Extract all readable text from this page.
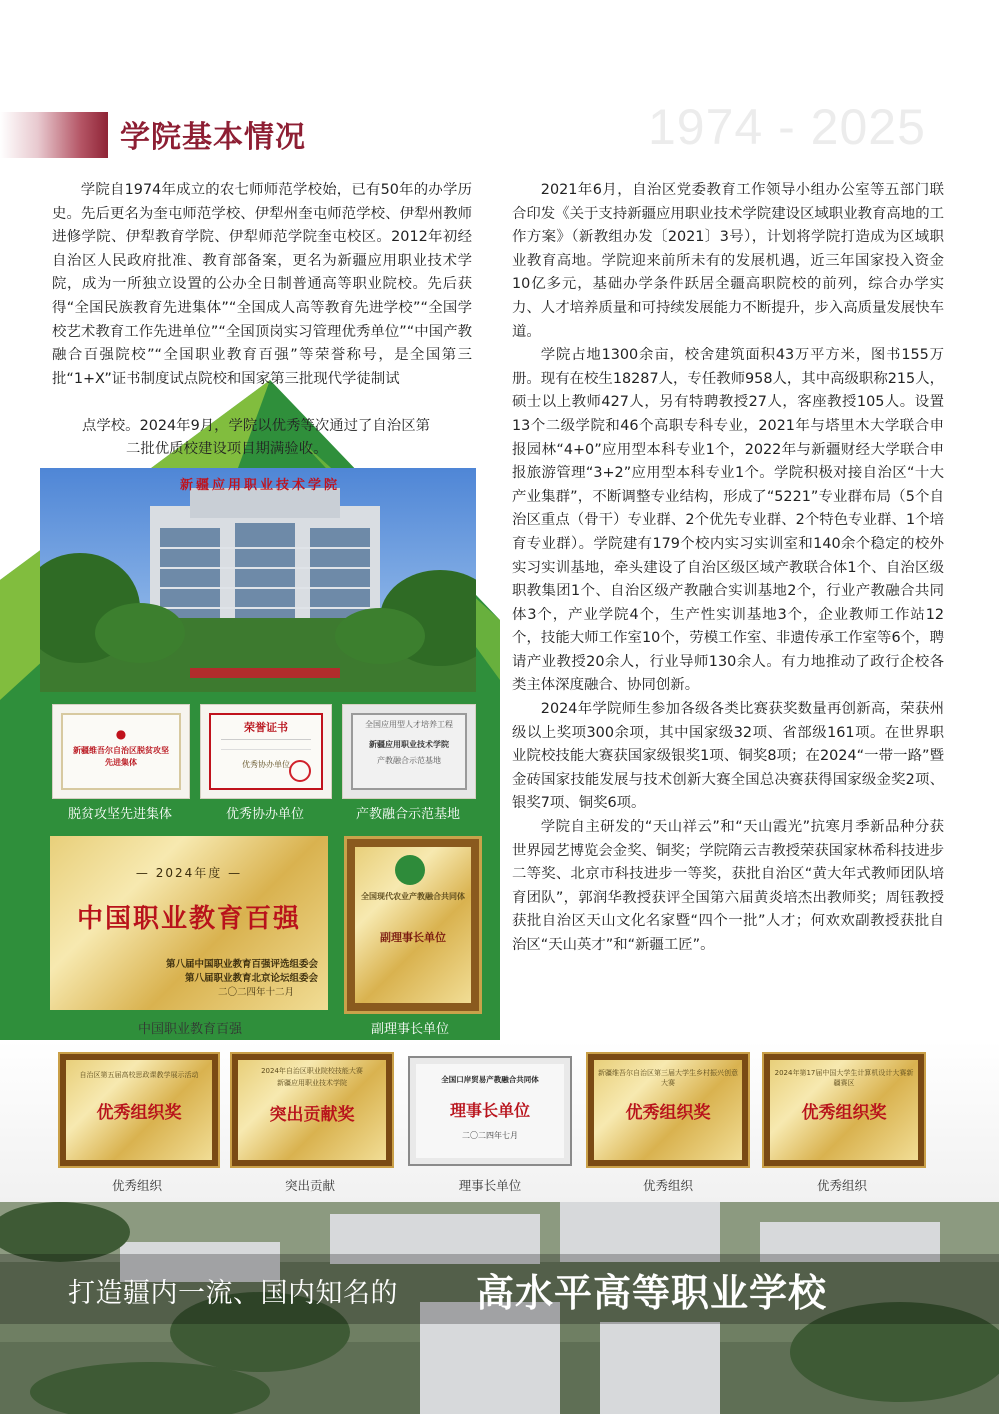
学院基本情况	1974 - 2025

学院自1974年成立的农七师师范学校始，已有50年的办学历史。先后更名为奎屯师范学校、伊犁州奎屯师范学校、伊犁州教师进修学院、伊犁教育学院、伊犁师范学院奎屯校区。2012年初经自治区人民政府批准、教育部备案，更名为新疆应用职业技术学院，成为一所独立设置的公办全日制普通高等职业院校。先后获得“全国民族教育先进集体”“全国成人高等教育先进学校”“全国学校艺术教育工作先进单位”“全国顶岗实习管理优秀单位”“中国产教融合百强院校”“全国职业教育百强”等荣誉称号，是全国第三批“1+X”证书制度试点院校和国家第三批现代学徒制试

点学校。2024年9月，学院以优秀等次通过了自治区第
二批优质校建设项目期满验收。

2021年6月，自治区党委教育工作领导小组办公室等五部门联合印发《关于支持新疆应用职业技术学院建设区域职业教育高地的工作方案》（新教组办发〔2021〕3号），计划将学院打造成为区域职业教育高地。学院迎来前所未有的发展机遇，近三年国家投入资金10亿多元，基础办学条件跃居全疆高职院校的前列，综合办学实力、人才培养质量和可持续发展能力不断提升，步入高质量发展快车道。

学院占地1300余亩，校舍建筑面积43万平方米，图书155万册。现有在校生18287人，专任教师958人，其中高级职称215人，硕士以上教师427人，另有特聘教授27人，客座教授105人。设置13个二级学院和46个高职专科专业，2021年与塔里木大学联合申报园林“4+0”应用型本科专业1个，2022年与新疆财经大学联合申报旅游管理“3+2”应用型本科专业1个。学院积极对接自治区“十大产业集群”，不断调整专业结构，形成了“5221”专业群布局（5个自治区重点（骨干）专业群、2个优先专业群、2个特色专业群、1个培育专业群）。学院建有179个校内实习实训室和140余个稳定的校外实习实训基地，牵头建设了自治区级区域产教联合体1个、自治区级职教集团1个、自治区级产教融合实训基地2个，行业产教融合共同体3个，产业学院4个，生产性实训基地3个，企业教师工作站12个，技能大师工作室10个，劳模工作室、非遗传承工作室等6个，聘请产业教授20余人，行业导师130余人。有力地推动了政行企校各类主体深度融合、协同创新。

2024年学院师生参加各级各类比赛获奖数量再创新高，荣获州级以上奖项300余项，其中国家级32项、省部级161项。在世界职业院校技能大赛获国家级银奖1项、铜奖8项；在2024“一带一路”暨金砖国家技能发展与技术创新大赛全国总决赛获得国家级金奖2项、银奖7项、铜奖6项。

学院自主研发的“天山祥云”和“天山霞光”抗寒月季新品种分获世界园艺博览会金奖、铜奖；学院隋云吉教授荣获国家林希科技进步二等奖、北京市科技进步一等奖，获批自治区“黄大年式教师团队培育团队”，郭润华教授获评全国第六届黄炎培杰出教师奖；周钰教授获批自治区天山文化名家暨“四个一批”人才；何欢欢副教授获批自治区“天山英才”和“新疆工匠”。

新疆应用职业技术学院
●
新疆维吾尔自治区脱贫攻坚
先进集体
脱贫攻坚先进集体
荣誉证书
优秀协办单位
优秀协办单位
全国应用型人才培养工程
新疆应用职业技术学院
产教融合示范基地
产教融合示范基地
— 2024年度 —
中国职业教育百强
第八届中国职业教育百强评选组委会
第八届职业教育北京论坛组委会
二〇二四年十二月
中国职业教育百强
全国现代农业产教融合共同体
副理事长单位
副理事长单位
自治区第五届高校思政课教学展示活动
优秀组织奖
优秀组织
2024年自治区职业院校技能大赛
新疆应用职业技术学院
突出贡献奖
突出贡献
全国口岸贸易产教融合共同体
理事长单位
二〇二四年七月
理事长单位
新疆维吾尔自治区第三届大学生乡村振兴创意大赛
优秀组织奖
优秀组织
2024年第17届中国大学生计算机设计大赛新疆赛区
优秀组织奖
优秀组织
打造疆内一流、国内知名的 高水平高等职业学校
